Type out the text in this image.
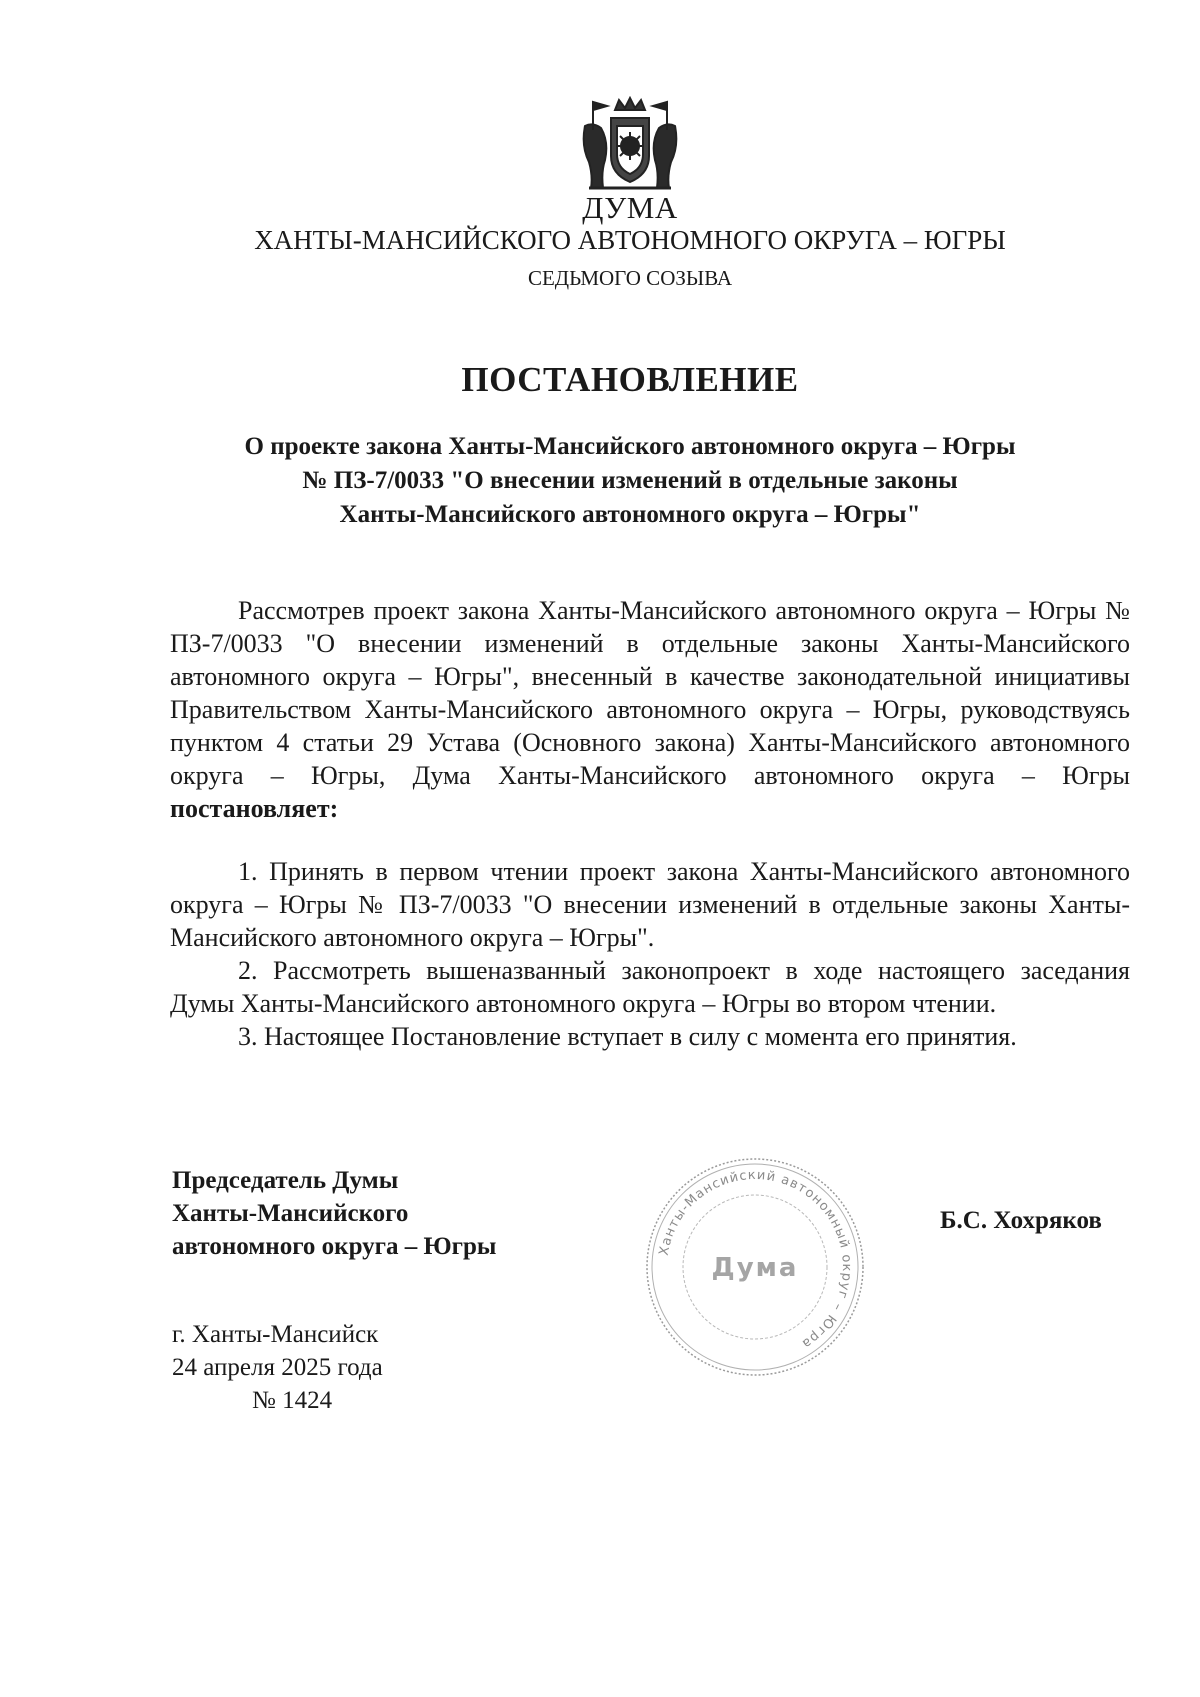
ДУМА
ХАНТЫ-МАНСИЙСКОГО АВТОНОМНОГО ОКРУГА – ЮГРЫ
СЕДЬМОГО СОЗЫВА
ПОСТАНОВЛЕНИЕ
О проекте закона Ханты-Мансийского автономного округа – Югры
№ ПЗ-7/0033 "О внесении изменений в отдельные законы
Ханты-Мансийского автономного округа – Югры"

Рассмотрев проект закона Ханты-Мансийского автономного округа – Югры № ПЗ-7/0033 "О внесении изменений в отдельные законы Ханты-Мансийского автономного округа – Югры", внесенный в качестве законодательной инициативы Правительством Ханты-Мансийского автономного округа – Югры, руководствуясь пунктом 4 статьи 29 Устава (Основного закона) Ханты-Мансийского автономного округа – Югры, Дума Ханты-Мансийского автономного округа – Югры постановляет:

1. Принять в первом чтении проект закона Ханты-Мансийского автономного округа – Югры № ПЗ-7/0033 "О внесении изменений в отдельные законы Ханты-Мансийского автономного округа – Югры".

2. Рассмотреть вышеназванный законопроект в ходе настоящего заседания Думы Ханты-Мансийского автономного округа – Югры во втором чтении.

3. Настоящее Постановление вступает в силу с момента его принятия.

Председатель Думы
Ханты-Мансийского
автономного округа – Югры	Ханты-Мансийский автономный округ – Югра
Дума
Б.С. Хохряков
г. Ханты-Мансийск
24 апреля 2025 года
№ 1424
